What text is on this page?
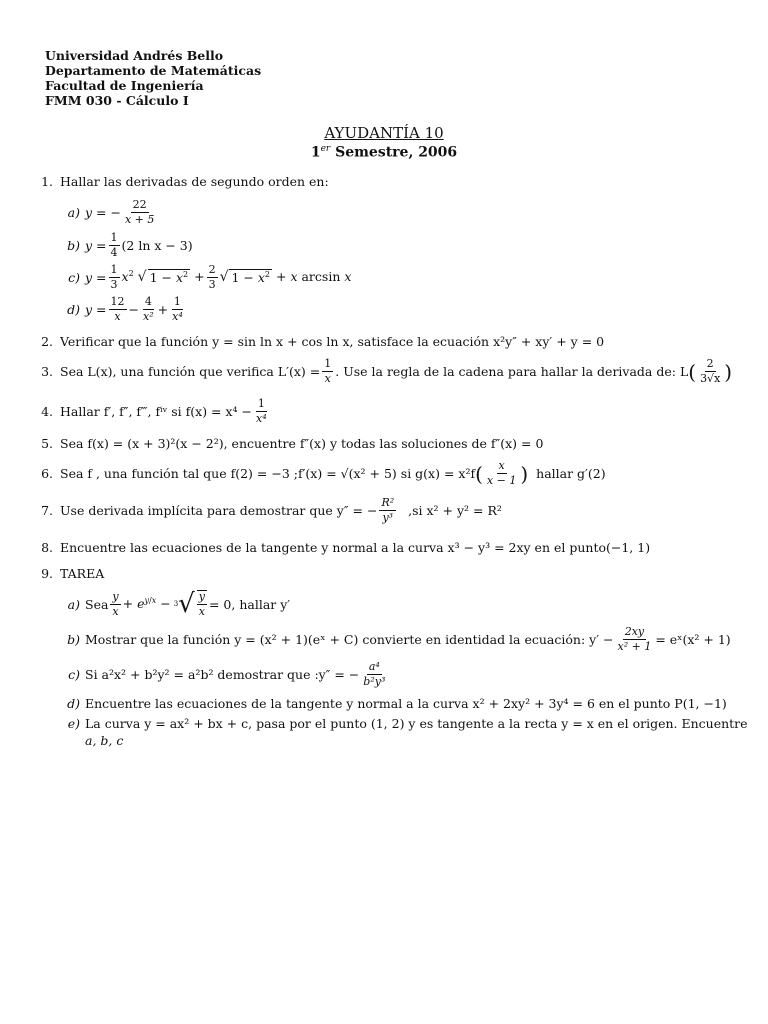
Universidad Andrés Bello
Departamento de Matemáticas
Facultad de Ingeniería
FMM 030 - Cálculo I
AYUDANTÍA 10
1er Semestre, 2006
1. Hallar las derivadas de segundo orden en:
a) y = − $\frac{22}{x + 5}$
b) $y = \frac{1}{4} (2$ ln x − 3)
c) $y = \frac{1}{3} x^2$ √ $1 - x^2 + \frac{2}{3}$ √ $1 - x^2 + x$ arcsin x
d) $y = \frac{12}{x} - \frac{4}{\text{x²}} + \frac{1}{\text{x⁴}}$
2. Verificar que la función y = sin ln x + cos ln x, satisface la ecuación x²y″ + xy′ + y = 0
3. Sea L(x), una función que verifica $L'(x) = \frac{1}{x}$ . Use la regla de la cadena para hallar la derivada de: L ( $\frac{2}{3√x}$ )
4. Hallar f′, f″, f‴, fⁱᵛ si $f(x) = x^4 - \frac{1}{\text{x⁴}}$
5. Sea f(x) = (x + 3)²(x − 2²), encuentre f″(x) y todas las soluciones de f″(x) = 0
6. Sea f , una función tal que f(2) = −3 ;f′(x) = √(x² + 5) si g(x) = x²f ( $\frac{x}{x - 1}$ ) hallar g′(2)
7. Use derivada implícita para demostrar que y″ = − $\frac{\text{R²}}{\text{y³}} ,si$ x² + y² = R²
8. Encuentre las ecuaciones de la tangente y normal a la curva x³ − y³ = 2xy en el punto(−1, 1)
9. TAREA
a) Sea $\frac{y}{x} + e^{y/x} - 3$ √ $\frac{y}{x} = 0$, hallar y′
b) Mostrar que la función y = (x² + 1)(eˣ + C) convierte en identidad la ecuación: $y' - \frac{2xy}{\text{x² + 1}}$ = eˣ(x² + 1)
c) Si a²x² + b²y² = a²b² demostrar que :y″ = − $\frac{\text{a⁴}}{\text{b²y³}}$
d) Encuentre las ecuaciones de la tangente y normal a la curva x² + 2xy² + 3y⁴ = 6 en el punto P(1, −1)
e) La curva y = ax² + bx + c, pasa por el punto (1, 2) y es tangente a la recta y = x en el origen. Encuentre
a, b, c
